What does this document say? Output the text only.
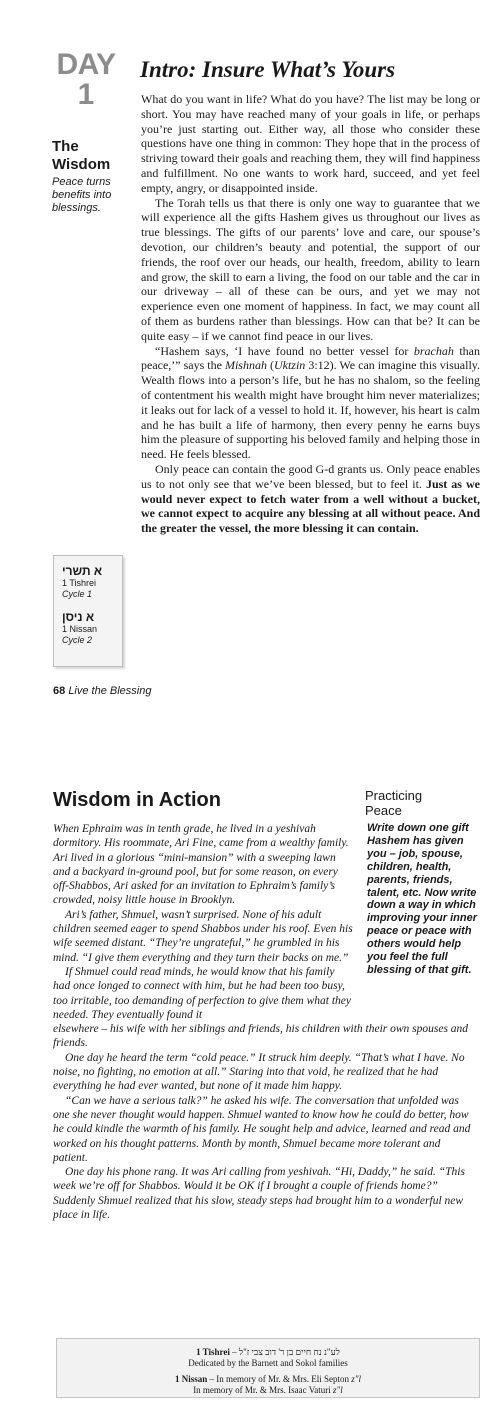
DAY
1
The
Wisdom
Peace turns benefits into blessings.
Intro: Insure What’s Yours

What do you want in life? What do you have? The list may be long or short. You may have reached many of your goals in life, or perhaps you’re just starting out. Either way, all those who consider these questions have one thing in common: They hope that in the process of striving toward their goals and reaching them, they will find happiness and fulfillment. No one wants to work hard, succeed, and yet feel empty, angry, or disappointed inside.

The Torah tells us that there is only one way to guarantee that we will experience all the gifts Hashem gives us throughout our lives as true blessings. The gifts of our parents’ love and care, our spouse’s devotion, our children’s beauty and potential, the support of our friends, the roof over our heads, our health, freedom, ability to learn and grow, the skill to earn a living, the food on our table and the car in our driveway – all of these can be ours, and yet we may not experience even one moment of happiness. In fact, we may count all of them as burdens rather than blessings. How can that be? It can be quite easy – if we cannot find peace in our lives.

“Hashem says, ‘I have found no better vessel for brachah than peace,’” says the Mishnah (Uktzin 3:12). We can imagine this visually. Wealth flows into a person’s life, but he has no shalom, so the feeling of contentment his wealth might have brought him never materializes; it leaks out for lack of a vessel to hold it. If, however, his heart is calm and he has built a life of harmony, then every penny he earns buys him the pleasure of supporting his beloved family and helping those in need. He feels blessed.

Only peace can contain the good G-d grants us. Only peace enables us to not only see that we’ve been blessed, but to feel it. Just as we would never expect to fetch water from a well without a bucket, we cannot expect to acquire any blessing at all without peace. And the greater the vessel, the more blessing it can contain.

א תשרי
1 Tishrei
Cycle 1
א ניסן
1 Nissan
Cycle 2
68 Live the Blessing
Wisdom in Action	Practicing
Peace
Write down one gift Hashem has given you – job, spouse, children, health, parents, friends, talent, etc. Now write down a way in which improving your inner peace or peace with others would help you feel the full blessing of that gift.

When Ephraim was in tenth grade, he lived in a yeshivah dormitory. His roommate, Ari Fine, came from a wealthy family. Ari lived in a glorious “mini-mansion” with a sweeping lawn and a backyard in-ground pool, but for some reason, on every off-Shabbos, Ari asked for an invitation to Ephraim’s family’s crowded, noisy little house in Brooklyn.

Ari’s father, Shmuel, wasn’t surprised. None of his adult children seemed eager to spend Shabbos under his roof. Even his wife seemed distant. “They’re ungrateful,” he grumbled in his mind. “I give them everything and they turn their backs on me.”

If Shmuel could read minds, he would know that his family had once longed to connect with him, but he had been too busy, too irritable, too demanding of perfection to give them what they needed. They eventually found it

elsewhere – his wife with her siblings and friends, his children with their own spouses and friends.

One day he heard the term “cold peace.” It struck him deeply. “That’s what I have. No noise, no fighting, no emotion at all.” Staring into that void, he realized that he had everything he had ever wanted, but none of it made him happy.

“Can we have a serious talk?” he asked his wife. The conversation that unfolded was one she never thought would happen. Shmuel wanted to know how he could do better, how he could kindle the warmth of his family. He sought help and advice, learned and read and worked on his thought patterns. Month by month, Shmuel became more tolerant and patient.

One day his phone rang. It was Ari calling from yeshivah. “Hi, Daddy,” he said. “This week we’re off for Shabbos. Would it be OK if I brought a couple of friends home?” Suddenly Shmuel realized that his slow, steady steps had brought him to a wonderful new place in life.

1 Tishrei – לע"נ נח חיים בן ר' דוב צבי ז"ל
Dedicated by the Barnett and Sokol families
1 Nissan – In memory of Mr. & Mrs. Eli Septon z"l
In memory of Mr. & Mrs. Isaac Vaturi z"l
